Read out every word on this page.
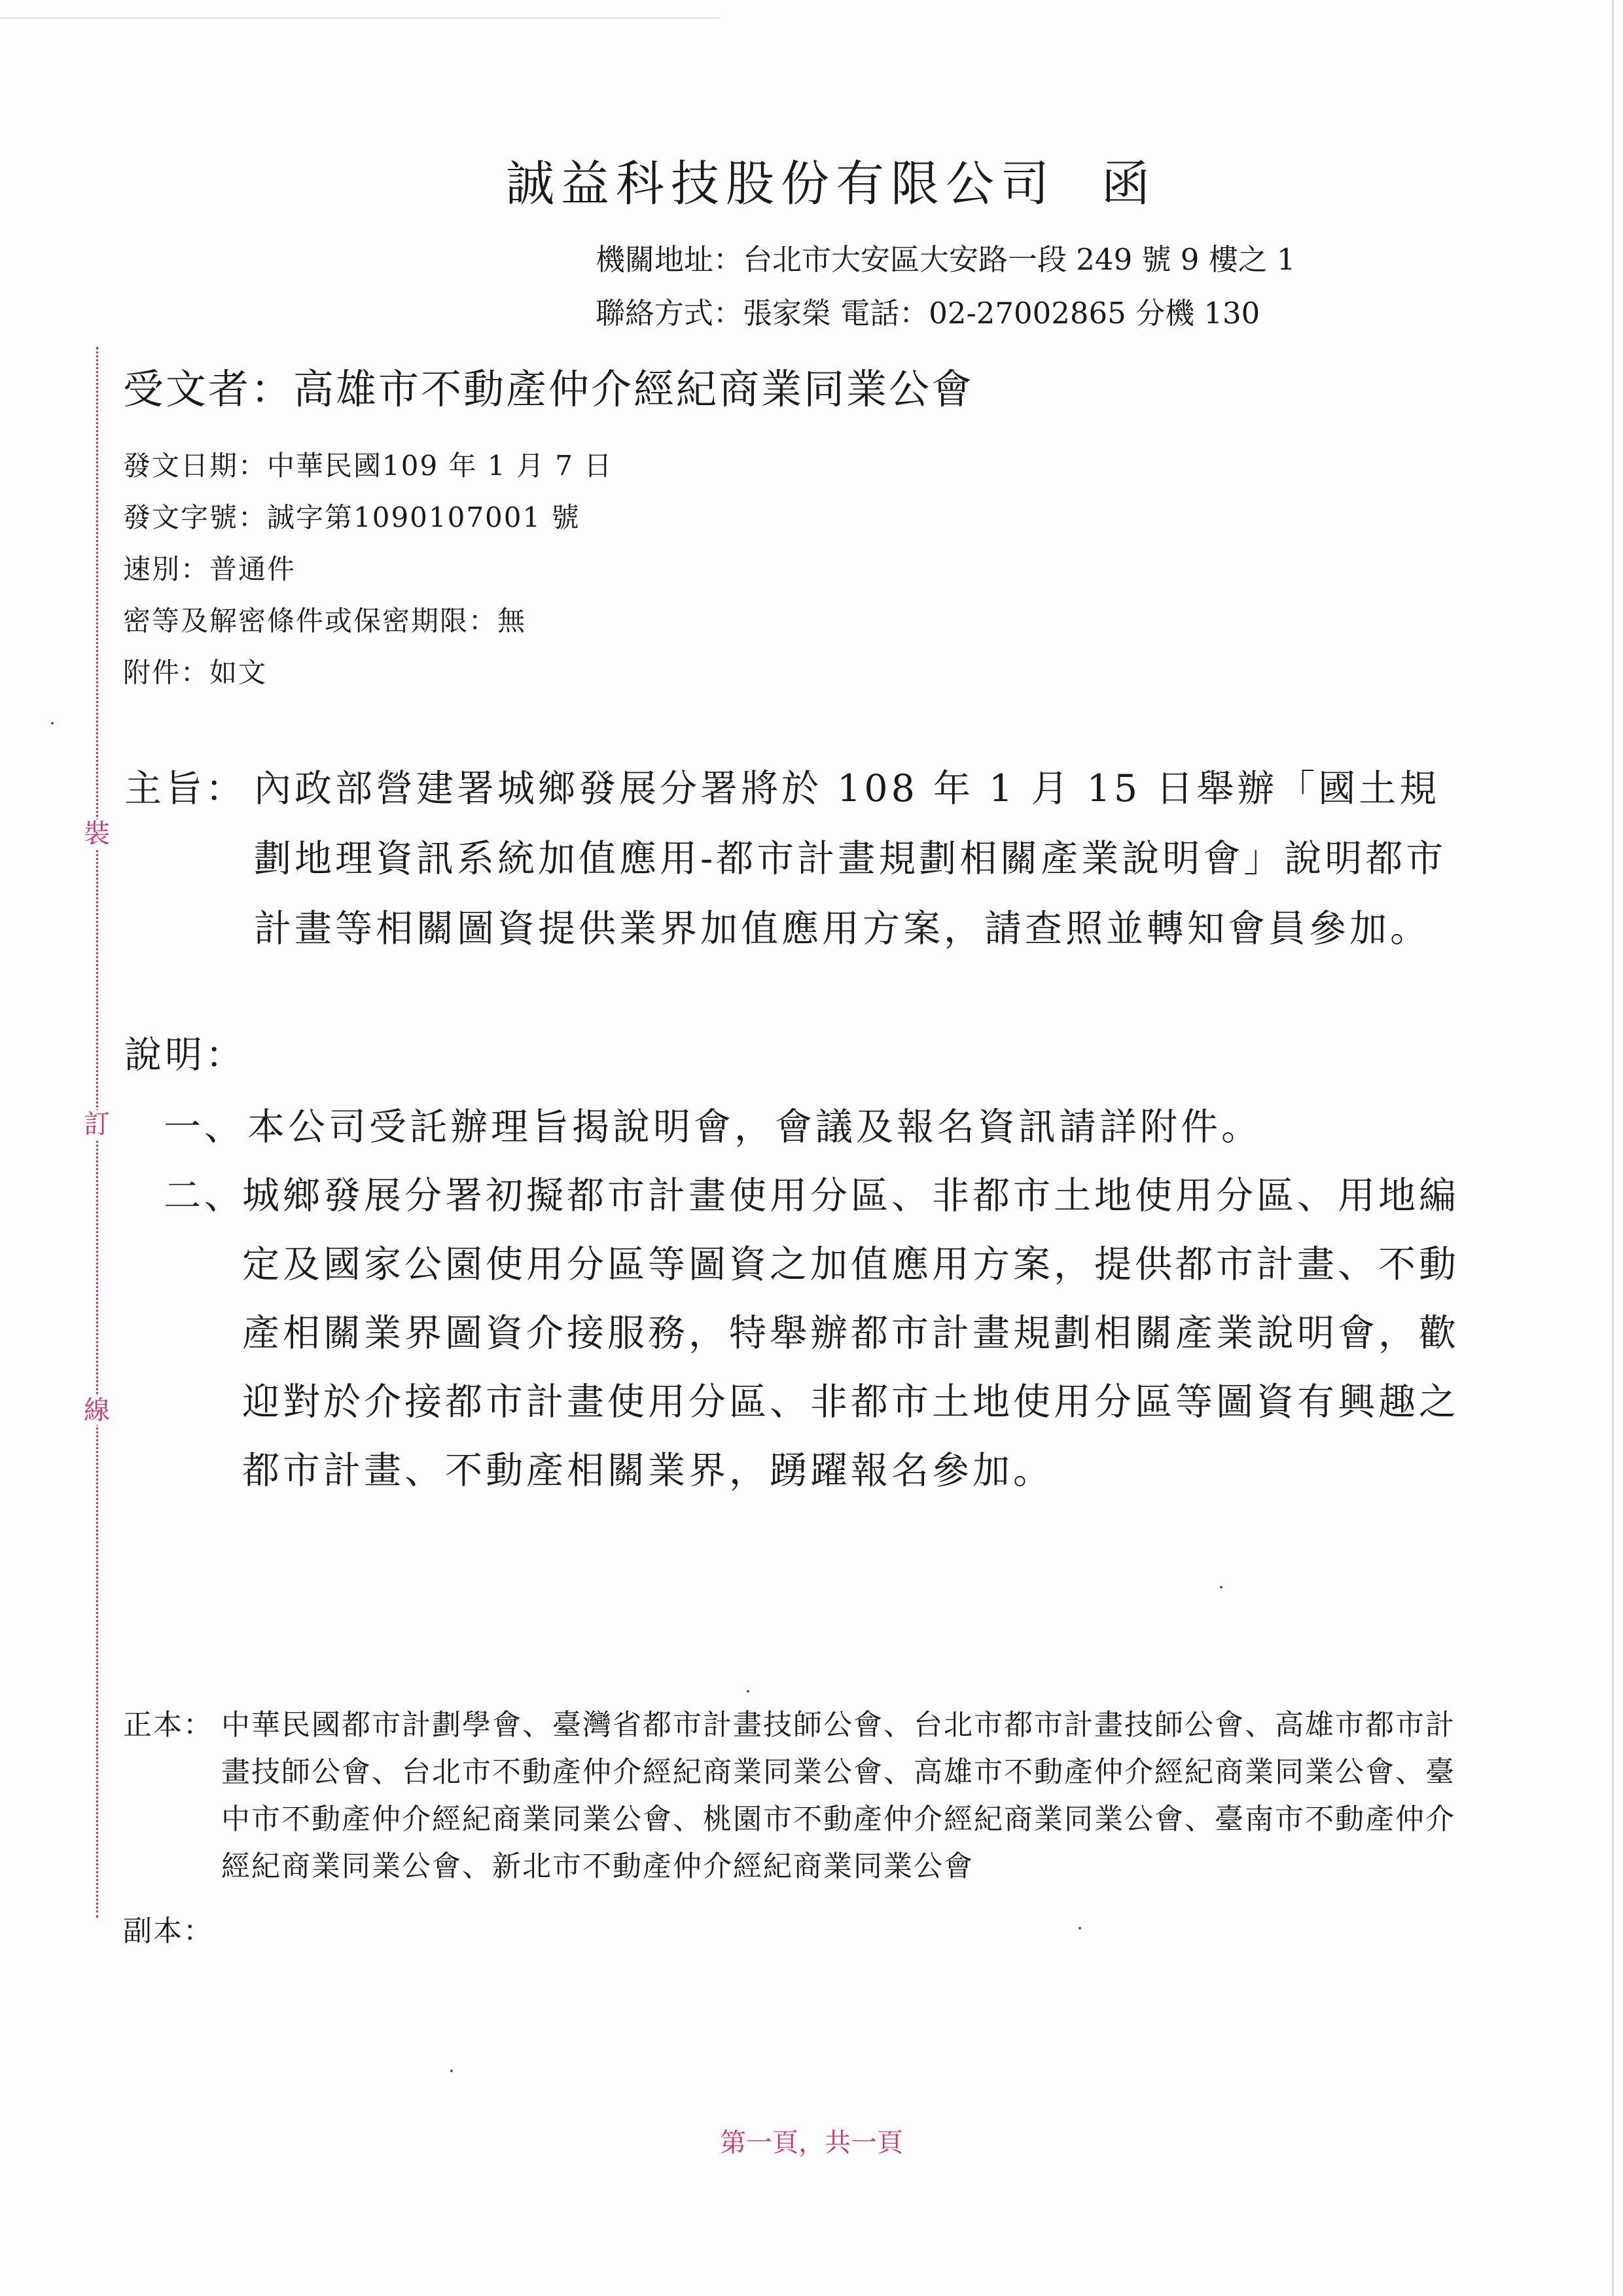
裝
訂
線
誠益科技股份有限公司 函
機關地址：台北市大安區大安路一段 249 號 9 樓之 1
聯絡方式：張家榮 電話：02-27002865 分機 130
受文者：高雄市不動產仲介經紀商業同業公會
發文日期：中華民國109 年 1 月 7 日
發文字號：誠字第1090107001 號
速別：普通件
密等及解密條件或保密期限：無
附件：如文
主旨： 內政部營建署城鄉發展分署將於 108 年 1 月 15 日舉辦「國土規劃地理資訊系統加值應用-都市計畫規劃相關產業說明會」說明都市計畫等相關圖資提供業界加值應用方案，請查照並轉知會員參加。
說明：
一、 本公司受託辦理旨揭說明會，會議及報名資訊請詳附件。
二、
城鄉發展分署初擬都市計畫使用分區、非都市土地使用分區、用地編定及國家公園使用分區等圖資之加值應用方案，提供都市計畫、不動產相關業界圖資介接服務，特舉辦都市計畫規劃相關產業說明會，歡迎對於介接都市計畫使用分區、非都市土地使用分區等圖資有興趣之都市計畫、不動產相關業界，踴躍報名參加。
正本： 中華民國都市計劃學會、臺灣省都市計畫技師公會、台北市都市計畫技師公會、高雄市都市計畫技師公會、台北市不動產仲介經紀商業同業公會、高雄市不動產仲介經紀商業同業公會、臺中市不動產仲介經紀商業同業公會、桃園市不動產仲介經紀商業同業公會、臺南市不動產仲介經紀商業同業公會、新北市不動產仲介經紀商業同業公會
副本：
第一頁，共一頁
